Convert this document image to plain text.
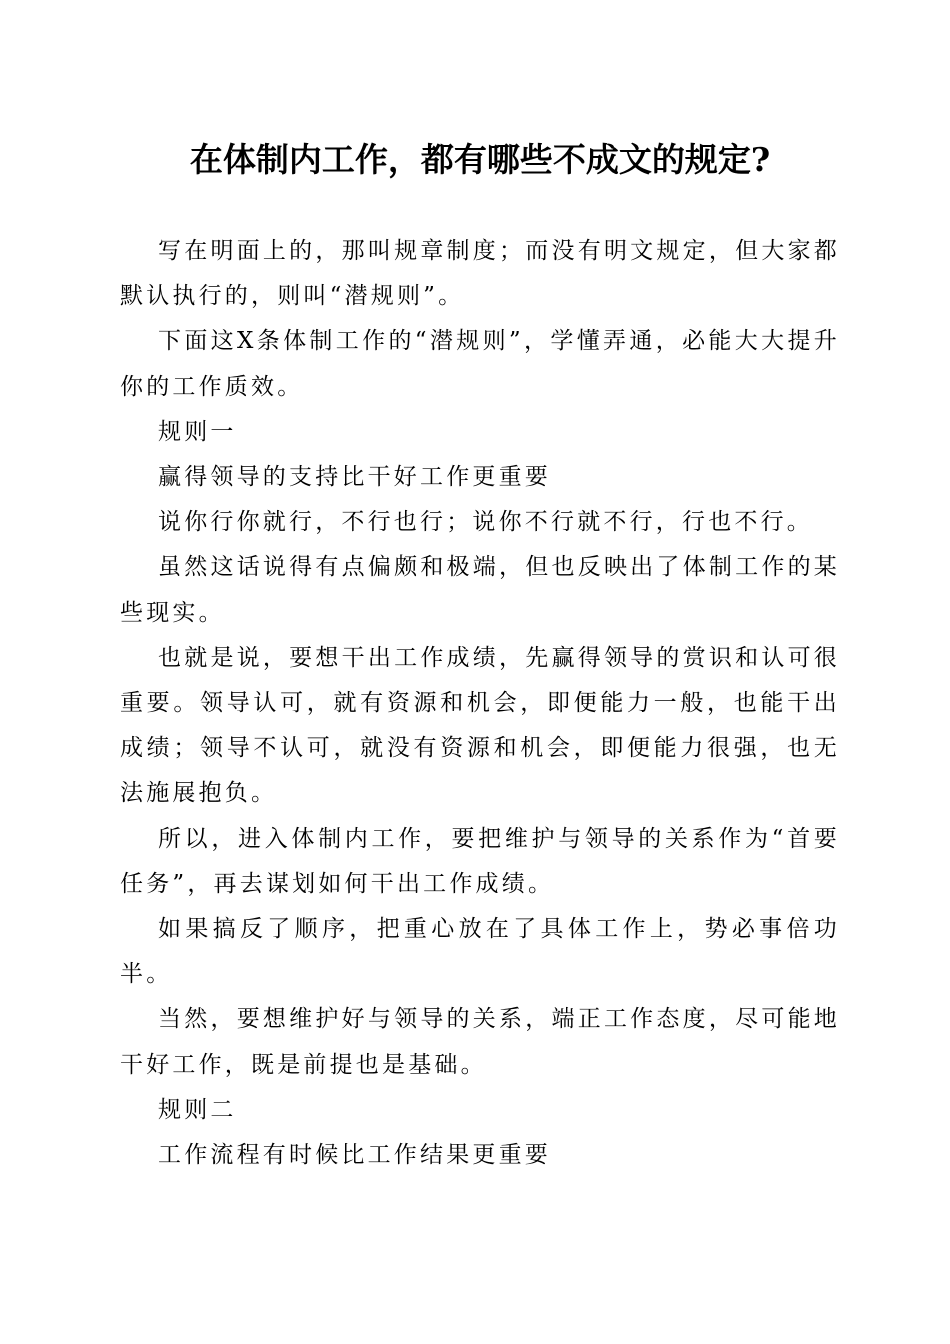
在体制内工作，都有哪些不成文的规定?

写在明面上的，那叫规章制度；而没有明文规定，但大家都默认执行的，则叫“潜规则”。

下面这X条体制工作的“潜规则”，学懂弄通，必能大大提升你的工作质效。

规则一

赢得领导的支持比干好工作更重要

说你行你就行，不行也行；说你不行就不行，行也不行。

虽然这话说得有点偏颇和极端，但也反映出了体制工作的某些现实。

也就是说，要想干出工作成绩，先赢得领导的赏识和认可很重要。领导认可，就有资源和机会，即便能力一般，也能干出成绩；领导不认可，就没有资源和机会，即便能力很强，也无法施展抱负。

所以，进入体制内工作，要把维护与领导的关系作为“首要任务”，再去谋划如何干出工作成绩。

如果搞反了顺序，把重心放在了具体工作上，势必事倍功半。

当然，要想维护好与领导的关系，端正工作态度，尽可能地干好工作，既是前提也是基础。

规则二

工作流程有时候比工作结果更重要
